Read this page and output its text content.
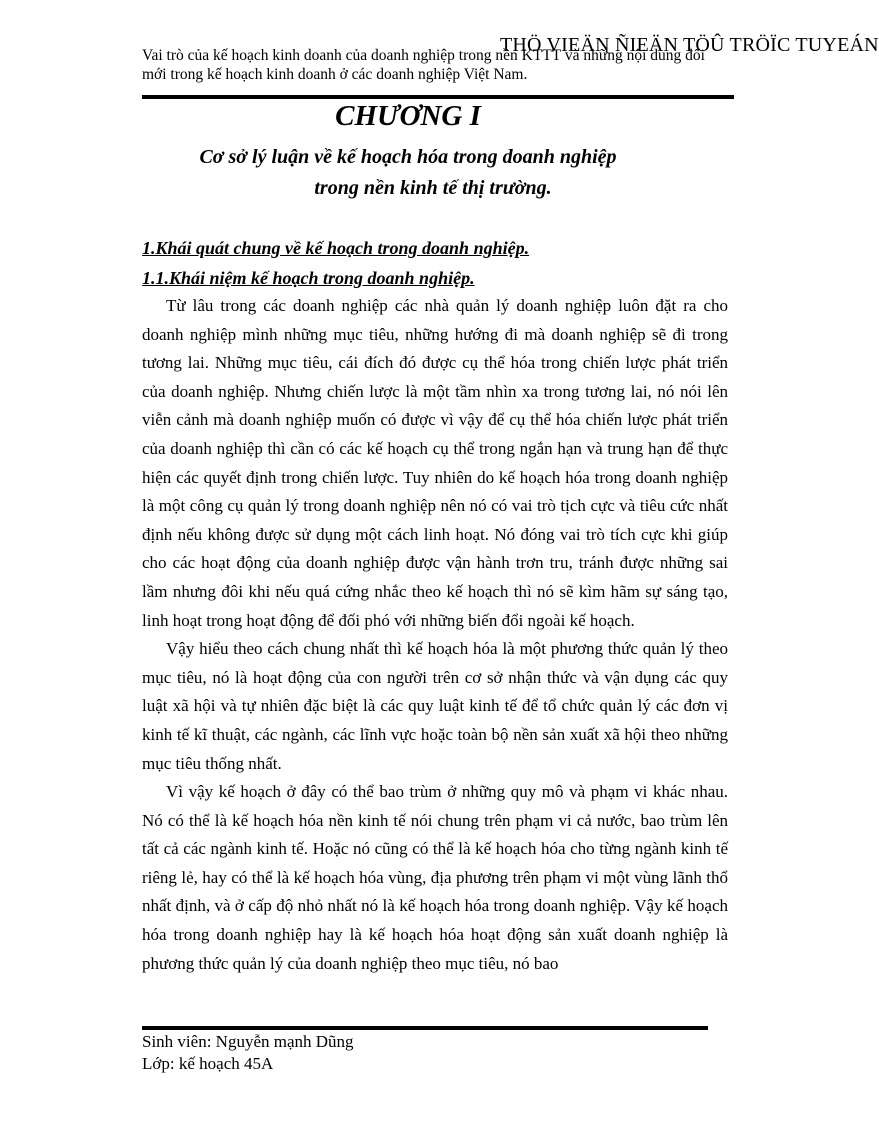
THÖ VIEÄN ÑIEÄN TÖÛ TRÖÏC TUYEÁN
Vai trò của kế hoạch kinh doanh của doanh nghiệp trong nền KTTT và những nội dung đổi mới trong kế hoạch kinh doanh ở các doanh nghiệp Việt Nam.
CHƯƠNG I
Cơ sở lý luận về kế hoạch hóa trong doanh nghiệp
trong nền kinh tế thị trường.
1.Khái quát chung về kế hoạch trong doanh nghiệp.
1.1.Khái niệm kế hoạch trong doanh nghiệp.

Từ lâu trong các doanh nghiệp các nhà quản lý doanh nghiệp luôn đặt ra cho doanh nghiệp mình những mục tiêu, những hướng đi mà doanh nghiệp sẽ đi trong tương lai. Những mục tiêu, cái đích đó được cụ thể hóa trong chiến lược phát triển của doanh nghiệp. Nhưng chiến lược là một tầm nhìn xa trong tương lai, nó nói lên viễn cảnh mà doanh nghiệp muốn có được vì vậy để cụ thể hóa chiến lược phát triển của doanh nghiệp thì cần có các kế hoạch cụ thể trong ngắn hạn và trung hạn để thực hiện các quyết định trong chiến lược. Tuy nhiên do kế hoạch hóa trong doanh nghiệp là một công cụ quản lý trong doanh nghiệp nên nó có vai trò tịch cực và tiêu cức nhất định nếu không được sử dụng một cách linh hoạt. Nó đóng vai trò tích cực khi giúp cho các hoạt động của doanh nghiệp được vận hành trơn tru, tránh được những sai lầm nhưng đôi khi nếu quá cứng nhắc theo kế hoạch thì nó sẽ kìm hãm sự sáng tạo, linh hoạt trong hoạt động để đối phó với những biến đổi ngoài kế hoạch.

Vậy hiểu theo cách chung nhất thì kế hoạch hóa là một phương thức quản lý theo mục tiêu, nó là hoạt động của con người trên cơ sở nhận thức và vận dụng các quy luật xã hội và tự nhiên đặc biệt là các quy luật kinh tế để tổ chức quản lý các đơn vị kinh tế kĩ thuật, các ngành, các lĩnh vực hoặc toàn bộ nền sản xuất xã hội theo những mục tiêu thống nhất.

Vì vậy kế hoạch ở đây có thể bao trùm ở những quy mô và phạm vi khác nhau. Nó có thể là kế hoạch hóa nền kinh tế nói chung trên phạm vi cả nước, bao trùm lên tất cả các ngành kinh tế. Hoặc nó cũng có thể là kế hoạch hóa cho từng ngành kinh tế riêng lẻ, hay có thể là kế hoạch hóa vùng, địa phương trên phạm vi một vùng lãnh thổ nhất định, và ở cấp độ nhỏ nhất nó là kế hoạch hóa trong doanh nghiệp. Vậy kế hoạch hóa trong doanh nghiệp hay là kế hoạch hóa hoạt động sản xuất doanh nghiệp là phương thức quản lý của doanh nghiệp theo mục tiêu, nó bao

Sinh viên: Nguyễn mạnh Dũng
Lớp: kế hoạch 45A
